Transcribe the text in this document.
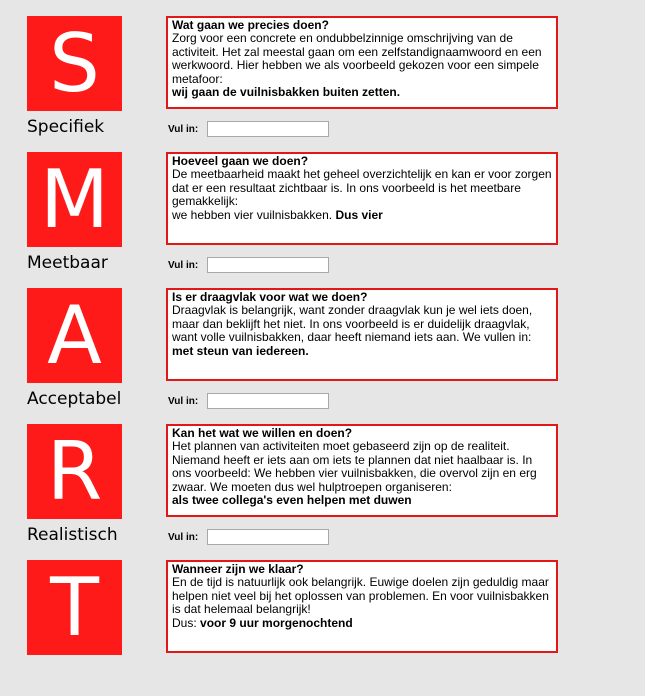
S
Specifiek	Vul in:
Wat gaan we precies doen?
Zorg voor een concrete en ondubbelzinnige omschrijving van de activiteit. Het zal meestal gaan om een zelfstandignaamwoord en een werkwoord. Hier hebben we als voorbeeld gekozen voor een simpele metafoor:
wij gaan de vuilnisbakken buiten zetten.
M
Meetbaar	Vul in:
Hoeveel gaan we doen?
De meetbaarheid maakt het geheel overzichtelijk en kan er voor zorgen dat er een resultaat zichtbaar is. In ons voorbeeld is het meetbare gemakkelijk:
we hebben vier vuilnisbakken. Dus vier
A
Acceptabel	Vul in:
Is er draagvlak voor wat we doen?
Draagvlak is belangrijk, want zonder draagvlak kun je wel iets doen, maar dan beklijft het niet. In ons voorbeeld is er duidelijk draagvlak, want volle vuilnisbakken, daar heeft niemand iets aan. We vullen in: met steun van iedereen.
R
Realistisch	Vul in:
Kan het wat we willen en doen?
Het plannen van activiteiten moet gebaseerd zijn op de realiteit. Niemand heeft er iets aan om iets te plannen dat niet haalbaar is. In ons voorbeeld: We hebben vier vuilnisbakken, die overvol zijn en erg zwaar. We moeten dus wel hulptroepen organiseren:
als twee collega's even helpen met duwen
T	Wanneer zijn we klaar?
En de tijd is natuurlijk ook belangrijk. Euwige doelen zijn geduldig maar helpen niet veel bij het oplossen van problemen. En voor vuilnisbakken is dat helemaal belangrijk!
Dus: voor 9 uur morgenochtend
